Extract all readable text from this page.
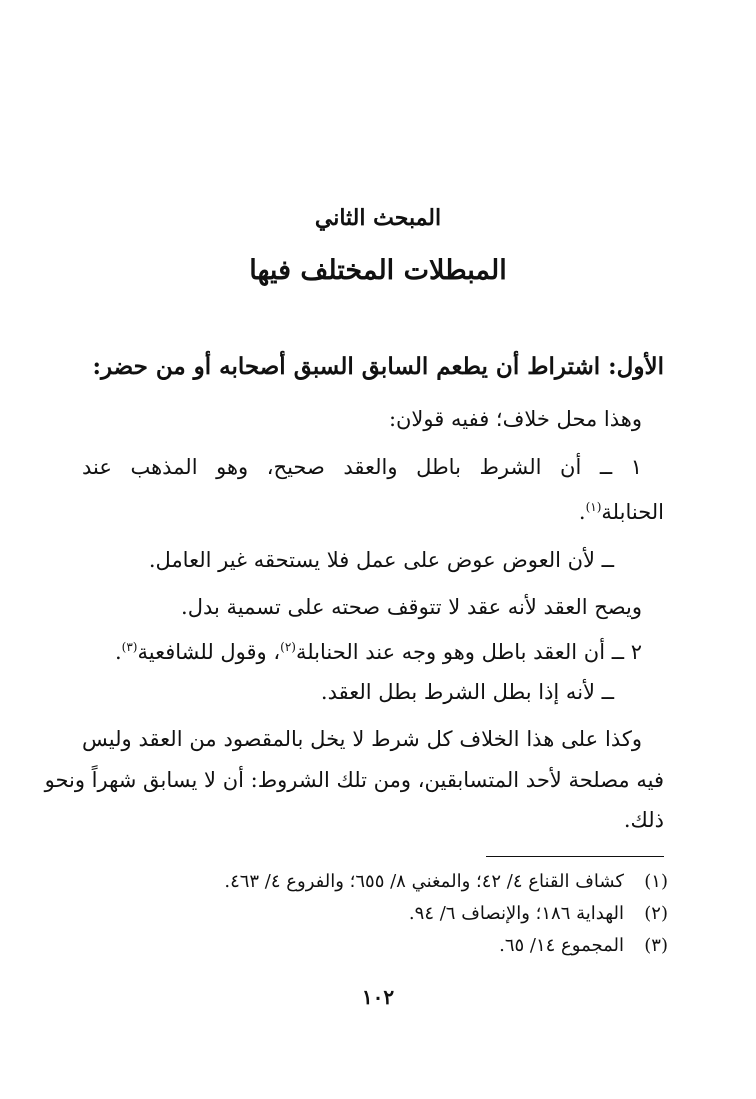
المبحث الثاني
المبطلات المختلف فيها
الأول: اشتراط أن يطعم السابق السبق أصحابه أو من حضر:
وهذا محل خلاف؛ ففيه قولان:
١ ــ أن الشرط باطل والعقد صحيح، وهو المذهب عند
الحنابلة$^{(١)}$.
ــ لأن العوض عوض على عمل فلا يستحقه غير العامل.
ويصح العقد لأنه عقد لا تتوقف صحته على تسمية بدل.
٢ ــ أن العقد باطل وهو وجه عند الحنابلة$^{(٢)}$، وقول للشافعية$^{(٣)}$.
ــ لأنه إذا بطل الشرط بطل العقد.
وكذا على هذا الخلاف كل شرط لا يخل بالمقصود من العقد وليس
فيه مصلحة لأحد المتسابقين، ومن تلك الشروط: أن لا يسابق شهراً ونحو
ذلك.
(١)كشاف القناع ٤/ ٤٢؛ والمغني ٨/ ٦٥٥؛ والفروع ٤/ ٤٦٣.
(٢)الهداية ١٨٦؛ والإنصاف ٦/ ٩٤.
(٣)المجموع ١٤/ ٦٥.
١٠٢
